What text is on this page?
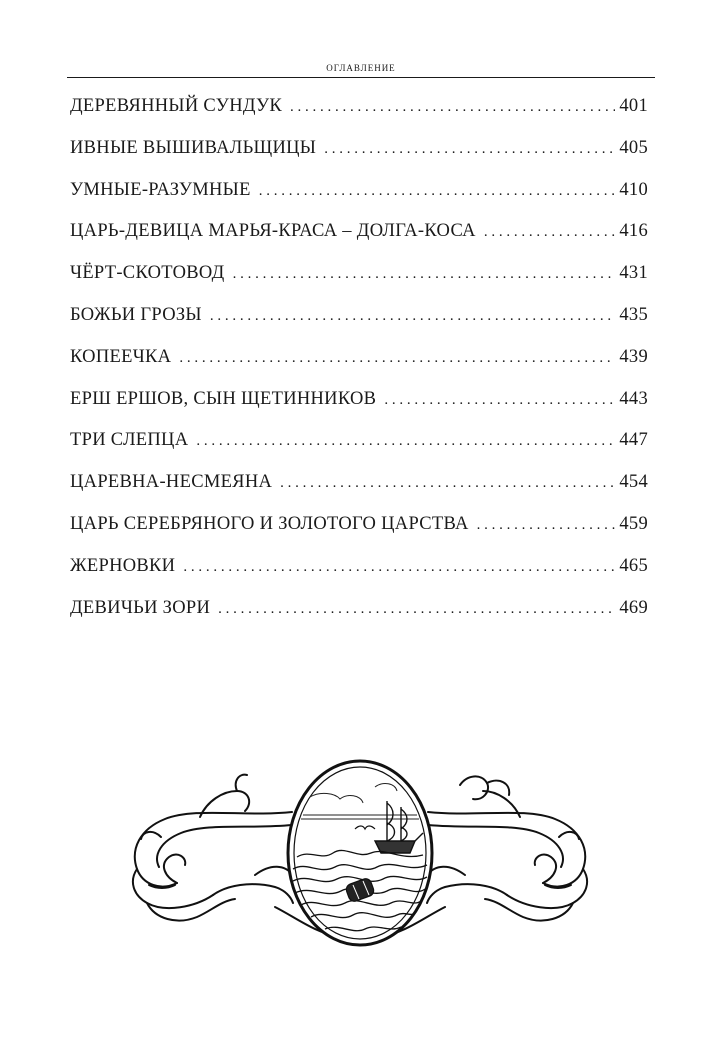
оглавление
ДЕРЕВЯННЫЙ СУНДУК . . .	401
ИВНЫЕ ВЫШИВАЛЬЩИЦЫ . . .	405
УМНЫЕ-РАЗУМНЫЕ . . .	410
ЦАРЬ-ДЕВИЦА МАРЬЯ-КРАСА – ДОЛГА-КОСА . . .	416
ЧЁРТ-СКОТОВОД . . .	431
БОЖЬИ ГРОЗЫ . . .	435
КОПЕЕЧКА . . .	439
ЕРШ ЕРШОВ, СЫН ЩЕТИННИКОВ . . .	443
ТРИ СЛЕПЦА . . .	447
ЦАРЕВНА-НЕСМЕЯНА . . .	454
ЦАРЬ СЕРЕБРЯНОГО И ЗОЛОТОГО ЦАРСТВА . . .	459
ЖЕРНОВКИ . . .	465
ДЕВИЧЬИ ЗОРИ . . .	469
